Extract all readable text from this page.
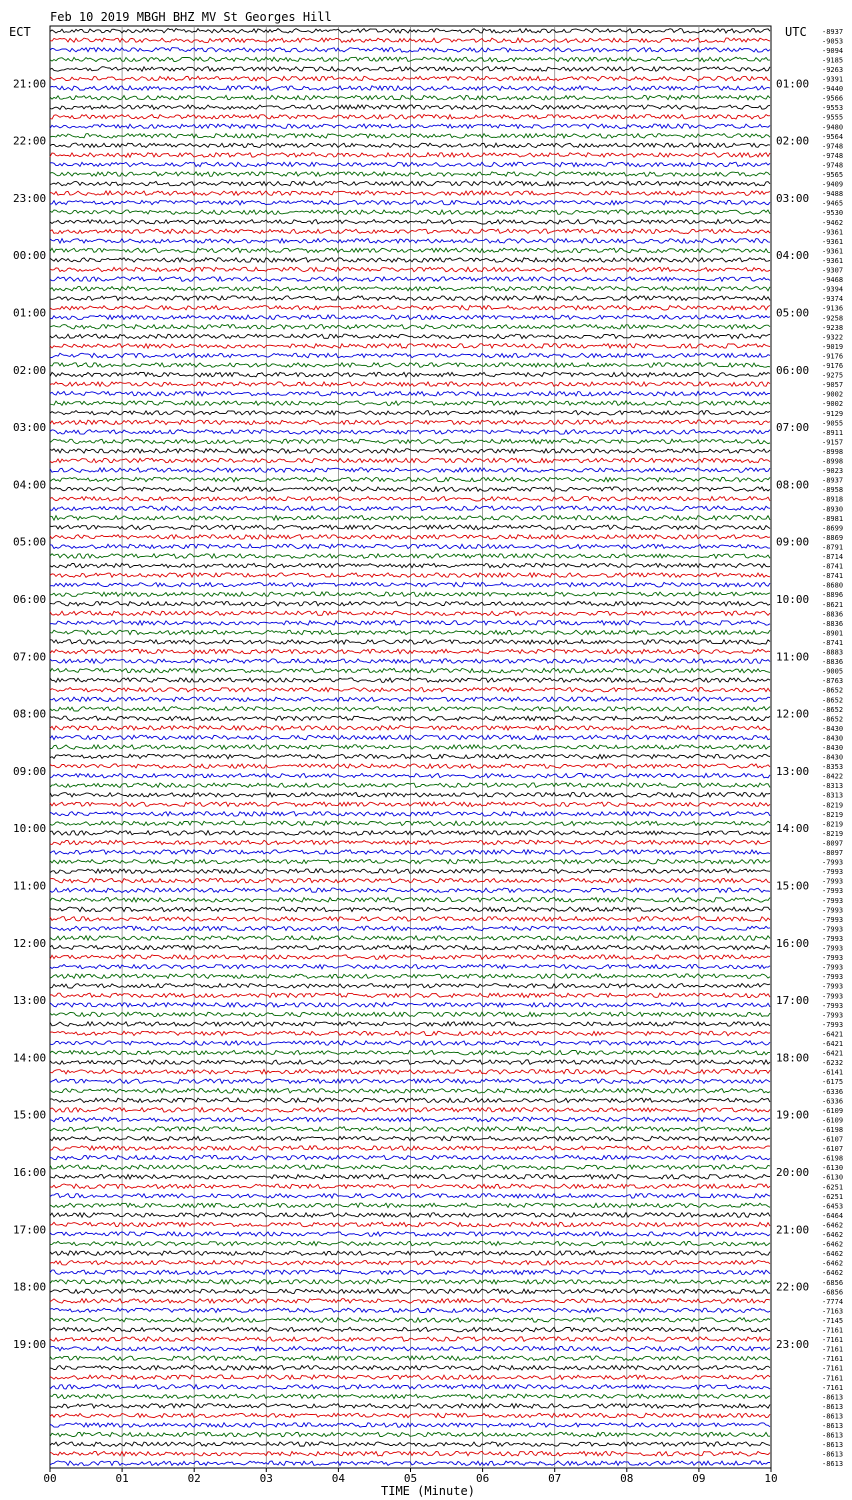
Feb 10 2019 MBGH BHZ MV St Georges Hill
ECT	UTC
TIME (Minute)
00	01	02	03	04	05	06	07	08	09	10
-8937
-9053
-9094
-9185
-9263
-9391
-9440
-9566
-9553
-9555
-9480
-9564
-9748
-9748
-9748
-9565
-9409
-9488
-9465
-9530
-9462
-9361
-9361
-9361
-9361
-9307
-9468
-9394
-9374
-9136
-9258
-9238
-9322
-9019
-9176
-9176
-9275
-9057
-9002
-9002
-9129
-9055
-8911
-9157
-8998
-8998
-9023
-8937
-8958
-8918
-8930
-8981
-8699
-8869
-8791
-8714
-8741
-8741
-8680
-8896
-8621
-8836
-8836
-8901
-8741
-8883
-8836
-9005
-8763
-8652
-8652
-8652
-8652
-8430
-8430
-8430
-8430
-8353
-8422
-8313
-8313
-8219
-8219
-8219
-8219
-8097
-8097
-7993
-7993
-7993
-7993
-7993
-7993
-7993
-7993
-7993
-7993
-7993
-7993
-7993
-7993
-7993
-7993
-7993
-7993
-6421
-6421
-6421
-6232
-6141
-6175
-6336
-6336
-6109
-6109
-6198
-6107
-6107
-6198
-6130
-6130
-6251
-6251
-6453
-6464
-6462
-6462
-6462
-6462
-6462
-6462
-6856
-6856
-7774
-7163
-7145
-7161
-7161
-7161
-7161
-7161
-7161
-7161
-8613
-8613
-8613
-8613
-8613
-8613
-8613
-8613
21:00
22:00
23:00
00:00
01:00
02:00
03:00
04:00
05:00
06:00
07:00
08:00
09:00
10:00
11:00
12:00
13:00
14:00
15:00
16:00
17:00
18:00
19:00
01:00
02:00
03:00
04:00
05:00
06:00
07:00
08:00
09:00
10:00
11:00
12:00
13:00
14:00
15:00
16:00
17:00
18:00
19:00
20:00
21:00
22:00
23:00
